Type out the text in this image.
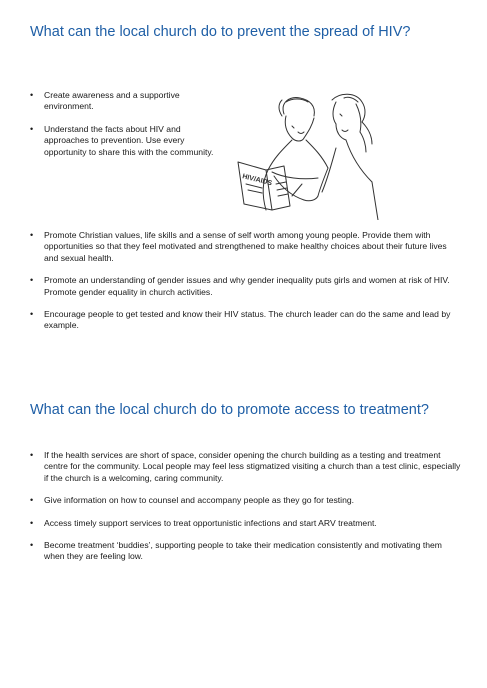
What can the local church do to prevent the spread of HIV?
• Create awareness and a supportive environment.
• Understand the facts about HIV and approaches to prevention. Use every opportunity to share this with the community.
HIV/AIDS
• Promote Christian values, life skills and a sense of self worth among young people. Provide them with opportunities so that they feel motivated and strengthened to make healthy choices about their future lives and sexual health.
• Promote an understanding of gender issues and why gender inequality puts girls and women at risk of HIV. Promote gender equality in church activities.
• Encourage people to get tested and know their HIV status. The church leader can do the same and lead by example.
What can the local church do to promote access to treatment?
• If the health services are short of space, consider opening the church building as a testing and treatment centre for the community. Local people may feel less stigmatized visiting a church than a test clinic, especially if the church is a welcoming, caring community.
• Give information on how to counsel and accompany people as they go for testing.
• Access timely support services to treat opportunistic infections and start ARV treatment.
• Become treatment ‘buddies’, supporting people to take their medication consistently and motivating them when they are feeling low.
